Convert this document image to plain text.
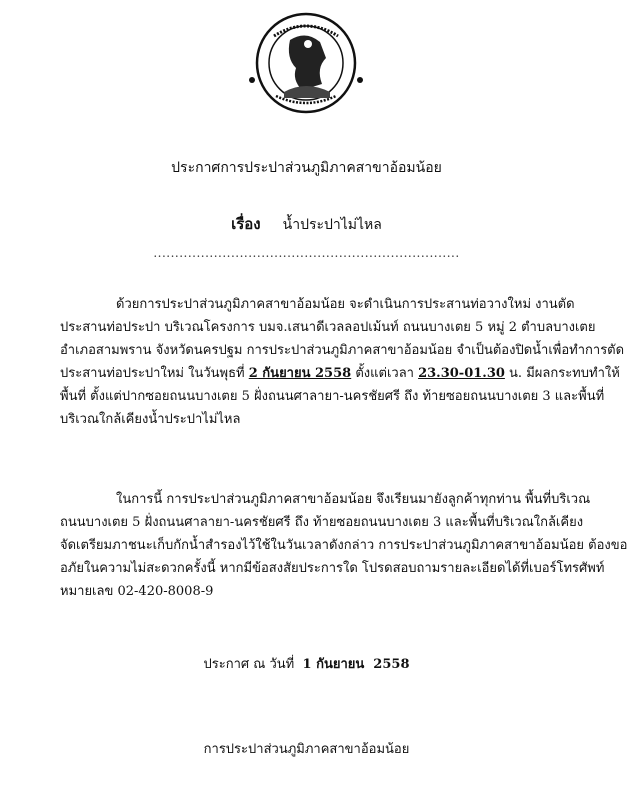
ประกาศการประปาส่วนภูมิภาคสาขาอ้อมน้อย
เรื่อง น้ำประปาไม่ไหล
.......................................................................
ด้วยการประปาส่วนภูมิภาคสาขาอ้อมน้อย จะดำเนินการประสานท่อวางใหม่ งานตัด
ประสานท่อประปา บริเวณโครงการ บมจ.เสนาดีเวลลอปเม้นท์ ถนนบางเตย 5 หมู่ 2 ตำบลบางเตย
อำเภอสามพราน จังหวัดนครปฐม การประปาส่วนภูมิภาคสาขาอ้อมน้อย จำเป็นต้องปิดน้ำเพื่อทำการตัด
ประสานท่อประปาใหม่ ในวันพุธที่ 2 กันยายน 2558 ตั้งแต่เวลา 23.30-01.30 น. มีผลกระทบทำให้
พื้นที่ ตั้งแต่ปากซอยถนนบางเตย 5 ฝั่งถนนศาลายา-นครชัยศรี ถึง ท้ายซอยถนนบางเตย 3 และพื้นที่
บริเวณใกล้เคียงน้ำประปาไม่ไหล
ในการนี้ การประปาส่วนภูมิภาคสาขาอ้อมน้อย จึงเรียนมายังลูกค้าทุกท่าน พื้นที่บริเวณ
ถนนบางเตย 5 ฝั่งถนนศาลายา-นครชัยศรี ถึง ท้ายซอยถนนบางเตย 3 และพื้นที่บริเวณใกล้เคียง
จัดเตรียมภาชนะเก็บกักน้ำสำรองไว้ใช้ในวันเวลาดังกล่าว การประปาส่วนภูมิภาคสาขาอ้อมน้อย ต้องขอ
อภัยในความไม่สะดวกครั้งนี้ หากมีข้อสงสัยประการใด โปรดสอบถามรายละเอียดได้ที่เบอร์โทรศัพท์
หมายเลข 02-420-8008-9
ประกาศ ณ วันที่  1 กันยายน  2558
การประปาส่วนภูมิภาคสาขาอ้อมน้อย
